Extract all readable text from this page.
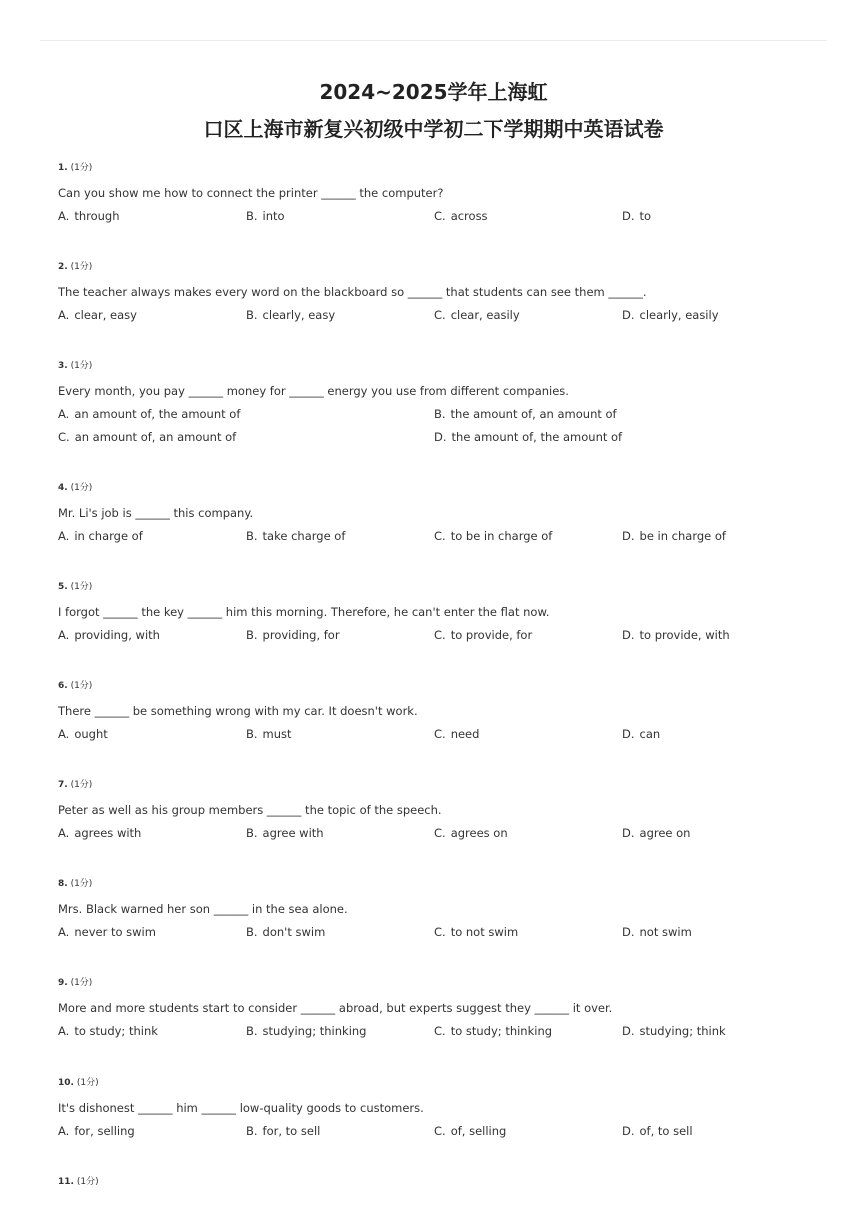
2024~2025学年上海虹
口区上海市新复兴初级中学初二下学期期中英语试卷
1. (1分)
Can you show me how to connect the printer ______ the computer?
A. through	B. into	C. across	D. to
2. (1分)
The teacher always makes every word on the blackboard so ______ that students can see them ______.
A. clear, easy	B. clearly, easy	C. clear, easily	D. clearly, easily
3. (1分)
Every month, you pay ______ money for ______ energy you use from different companies.
A. an amount of, the amount of	B. the amount of, an amount of
C. an amount of, an amount of	D. the amount of, the amount of
4. (1分)
Mr. Li's job is ______ this company.
A. in charge of	B. take charge of	C. to be in charge of	D. be in charge of
5. (1分)
I forgot ______ the key ______ him this morning. Therefore, he can't enter the flat now.
A. providing, with	B. providing, for	C. to provide, for	D. to provide, with
6. (1分)
There ______ be something wrong with my car. It doesn't work.
A. ought	B. must	C. need	D. can
7. (1分)
Peter as well as his group members ______ the topic of the speech.
A. agrees with	B. agree with	C. agrees on	D. agree on
8. (1分)
Mrs. Black warned her son ______ in the sea alone.
A. never to swim	B. don't swim	C. to not swim	D. not swim
9. (1分)
More and more students start to consider ______ abroad, but experts suggest they ______ it over.
A. to study; think	B. studying; thinking	C. to study; thinking	D. studying; think
10. (1分)
It's dishonest ______ him ______ low-quality goods to customers.
A. for, selling	B. for, to sell	C. of, selling	D. of, to sell
11. (1分)
